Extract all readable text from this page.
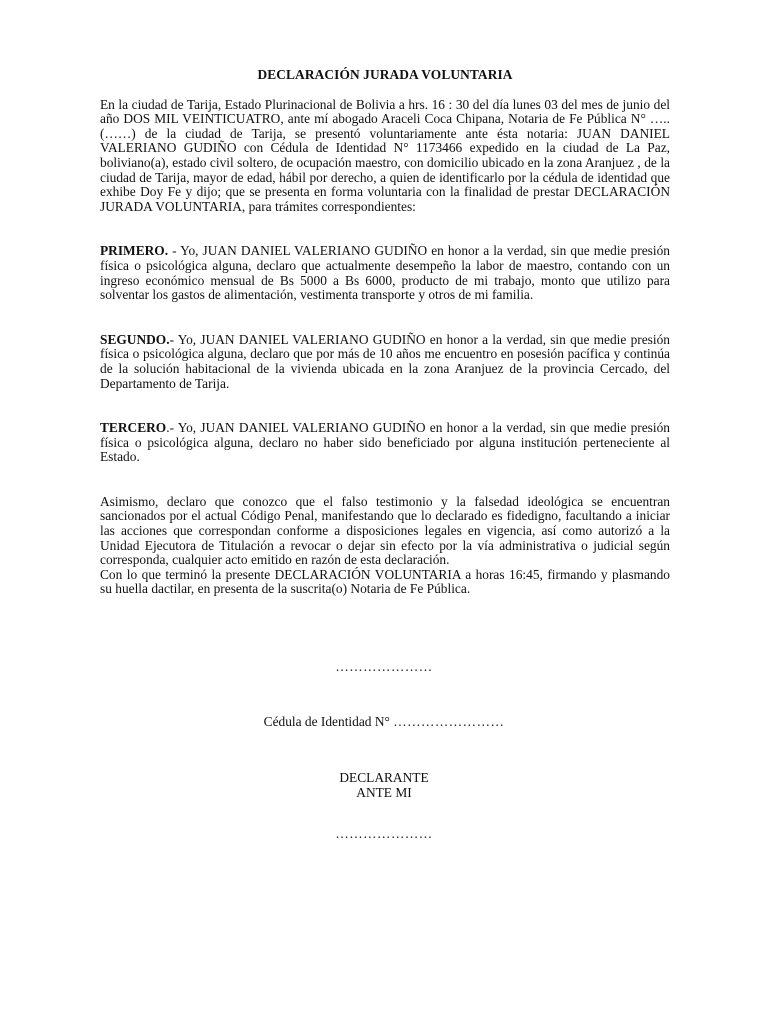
DECLARACIÓN JURADA VOLUNTARIA

En la ciudad de Tarija, Estado Plurinacional de Bolivia a hrs. 16 : 30 del día lunes 03 del mes de junio del año DOS MIL VEINTICUATRO, ante mí abogado Araceli Coca Chipana, Notaria de Fe Pública N° ….. (……) de la ciudad de Tarija, se presentó voluntariamente ante ésta notaria: JUAN DANIEL VALERIANO GUDIÑO con Cédula de Identidad N° 1173466 expedido en la ciudad de La Paz, boliviano(a), estado civil soltero, de ocupación maestro, con domicilio ubicado en la zona Aranjuez , de la ciudad de Tarija, mayor de edad, hábil por derecho, a quien de identificarlo por la cédula de identidad que exhibe Doy Fe y dijo; que se presenta en forma voluntaria con la finalidad de prestar DECLARACIÓN JURADA VOLUNTARIA, para trámites correspondientes:

PRIMERO. - Yo, JUAN DANIEL VALERIANO GUDIÑO en honor a la verdad, sin que medie presión física o psicológica alguna, declaro que actualmente desempeño la labor de maestro, contando con un ingreso económico mensual de Bs 5000 a Bs 6000, producto de mi trabajo, monto que utilizo para solventar los gastos de alimentación, vestimenta transporte y otros de mi familia.

SEGUNDO.- Yo, JUAN DANIEL VALERIANO GUDIÑO en honor a la verdad, sin que medie presión física o psicológica alguna, declaro que por más de 10 años me encuentro en posesión pacífica y continúa de la solución habitacional de la vivienda ubicada en la zona Aranjuez de la provincia Cercado, del Departamento de Tarija.

TERCERO.- Yo, JUAN DANIEL VALERIANO GUDIÑO en honor a la verdad, sin que medie presión física o psicológica alguna, declaro no haber sido beneficiado por alguna institución perteneciente al Estado.

Asimismo, declaro que conozco que el falso testimonio y la falsedad ideológica se encuentran sancionados por el actual Código Penal, manifestando que lo declarado es fidedigno, facultando a iniciar las acciones que correspondan conforme a disposiciones legales en vigencia, así como autorizó a la Unidad Ejecutora de Titulación a revocar o dejar sin efecto por la vía administrativa o judicial según corresponda, cualquier acto emitido en razón de esta declaración.

Con lo que terminó la presente DECLARACIÓN VOLUNTARIA a horas 16:45, firmando y plasmando su huella dactilar, en presenta de la suscrita(o) Notaria de Fe Pública.

…………………
Cédula de Identidad N° ……………………
DECLARANTE
ANTE MI
…………………
